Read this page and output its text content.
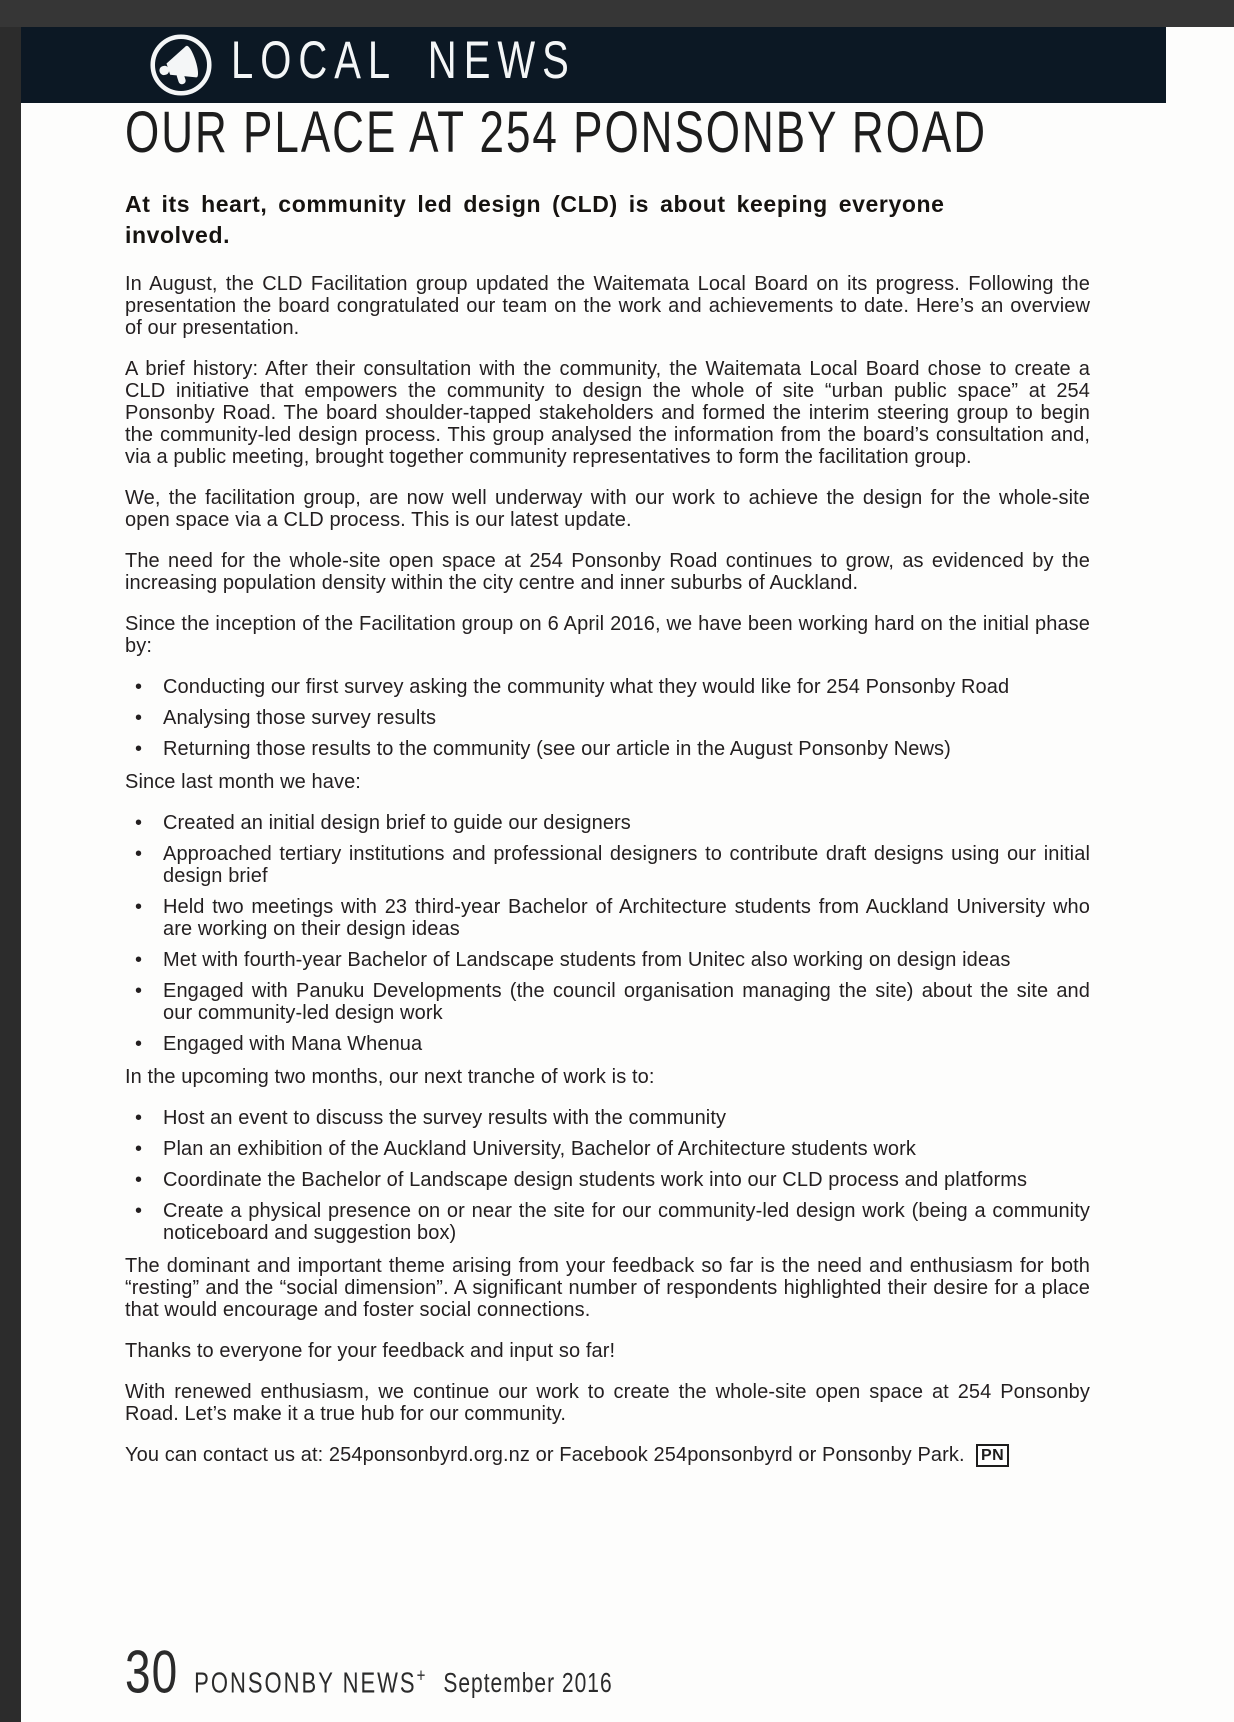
LOCAL NEWS
OUR PLACE AT 254 PONSONBY ROAD

At its heart, community led design (CLD) is about keeping everyone involved.

In August, the CLD Facilitation group updated the Waitemata Local Board on its progress. Following the presentation the board congratulated our team on the work and achievements to date. Here’s an overview of our presentation.

A brief history: After their consultation with the community, the Waitemata Local Board chose to create a CLD initiative that empowers the community to design the whole of site “urban public space” at 254 Ponsonby Road. The board shoulder-tapped stakeholders and formed the interim steering group to begin the community-led design process. This group analysed the information from the board’s consultation and, via a public meeting, brought together community representatives to form the facilitation group.

We, the facilitation group, are now well underway with our work to achieve the design for the whole-site open space via a CLD process. This is our latest update.

The need for the whole-site open space at 254 Ponsonby Road continues to grow, as evidenced by the increasing population density within the city centre and inner suburbs of Auckland.

Since the inception of the Facilitation group on 6 April 2016, we have been working hard on the initial phase by:

• Conducting our first survey asking the community what they would like for 254 Ponsonby Road
• Analysing those survey results
• Returning those results to the community (see our article in the August Ponsonby News)

Since last month we have:

• Created an initial design brief to guide our designers
• Approached tertiary institutions and professional designers to contribute draft designs using our initial design brief
• Held two meetings with 23 third-year Bachelor of Architecture students from Auckland University who are working on their design ideas
• Met with fourth-year Bachelor of Landscape students from Unitec also working on design ideas
• Engaged with Panuku Developments (the council organisation managing the site) about the site and our community-led design work
• Engaged with Mana Whenua

In the upcoming two months, our next tranche of work is to:

• Host an event to discuss the survey results with the community
• Plan an exhibition of the Auckland University, Bachelor of Architecture students work
• Coordinate the Bachelor of Landscape design students work into our CLD process and platforms
• Create a physical presence on or near the site for our community-led design work (being a community noticeboard and suggestion box)

The dominant and important theme arising from your feedback so far is the need and enthusiasm for both “resting” and the “social dimension”. A significant number of respondents highlighted their desire for a place that would encourage and foster social connections.

Thanks to everyone for your feedback and input so far!

With renewed enthusiasm, we continue our work to create the whole-site open space at 254 Ponsonby Road. Let’s make it a true hub for our community.

You can contact us at: 254ponsonbyrd.org.nz or Facebook 254ponsonbyrd or Ponsonby Park. PN

30 PONSONBY NEWS+ September 2016
